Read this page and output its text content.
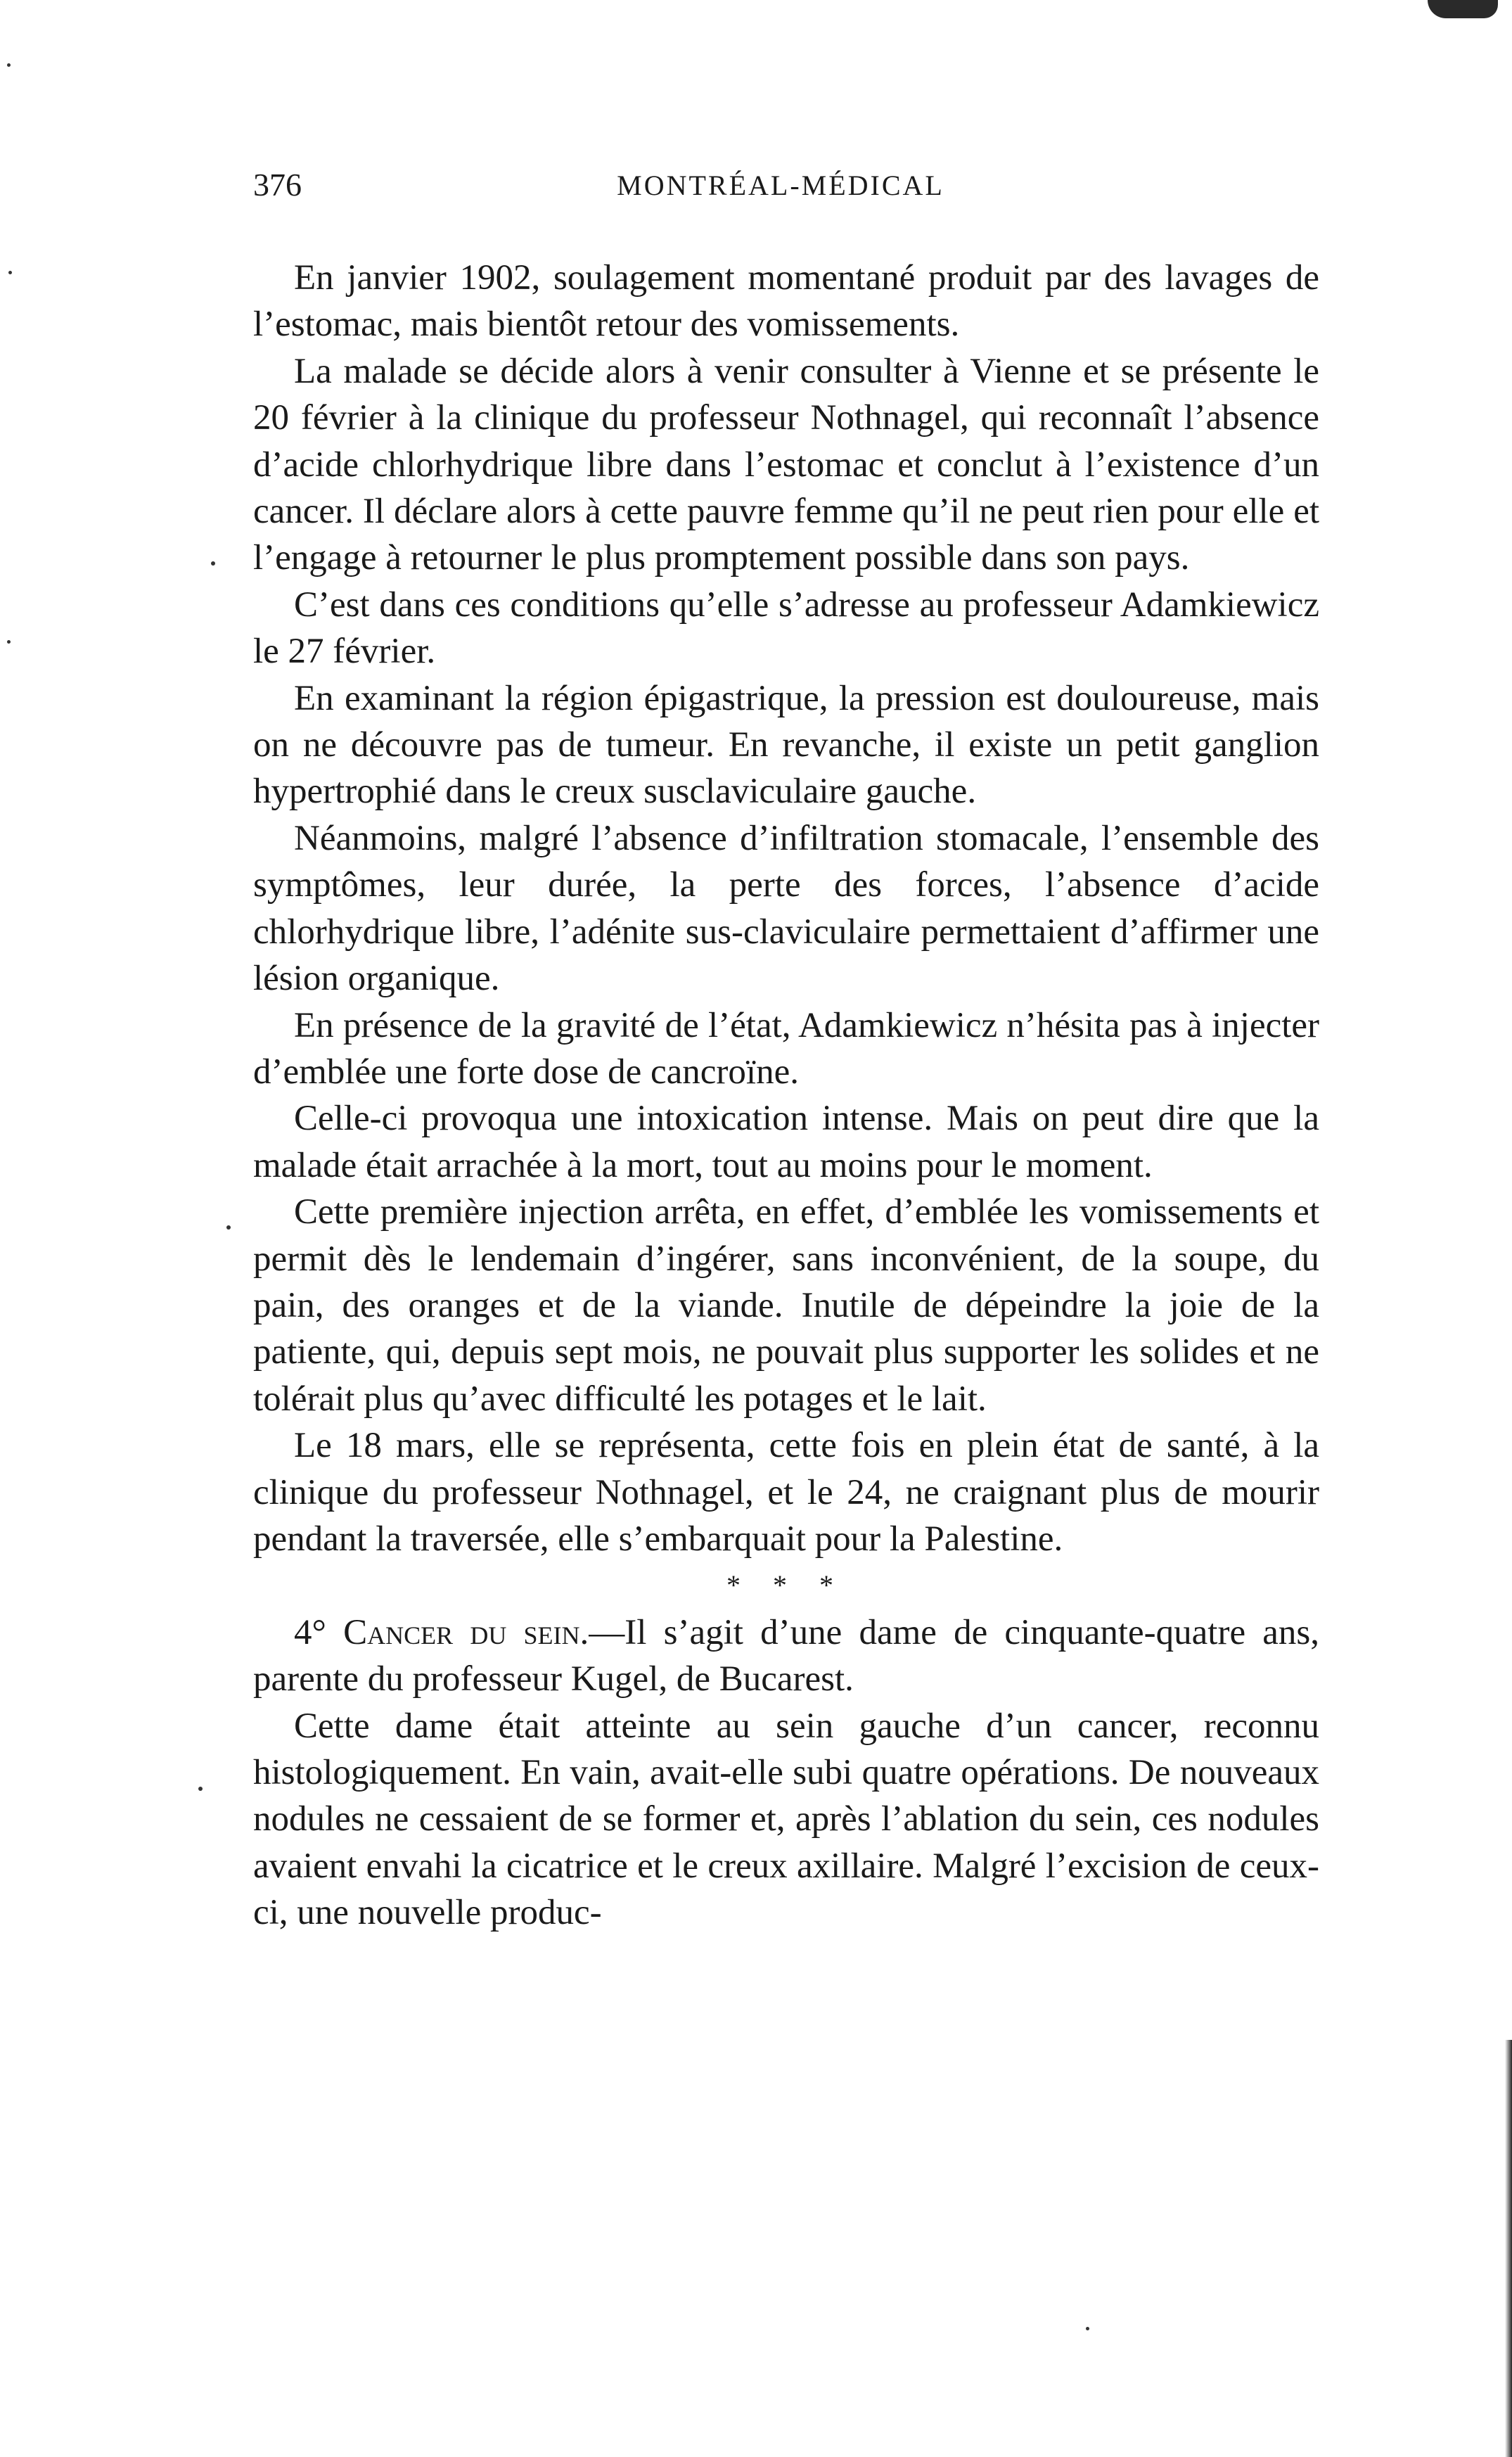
376	MONTRÉAL-MÉDICAL

En janvier 1902, soulagement momentané produit par des lavages de l’estomac, mais bientôt retour des vomissements.

La malade se décide alors à venir consulter à Vienne et se présente le 20 février à la clinique du professeur Nothnagel, qui reconnaît l’absence d’acide chlorhydrique libre dans l’estomac et conclut à l’existence d’un cancer. Il déclare alors à cette pauvre femme qu’il ne peut rien pour elle et l’engage à retourner le plus promptement possible dans son pays.

C’est dans ces conditions qu’elle s’adresse au professeur Adamkiewicz le 27 février.

En examinant la région épigastrique, la pression est douloureuse, mais on ne découvre pas de tumeur. En revanche, il existe un petit ganglion hypertrophié dans le creux susclaviculaire gauche.

Néanmoins, malgré l’absence d’infiltration stomacale, l’ensemble des symptômes, leur durée, la perte des forces, l’absence d’acide chlorhydrique libre, l’adénite sus-claviculaire permettaient d’affirmer une lésion organique.

En présence de la gravité de l’état, Adamkiewicz n’hésita pas à injecter d’emblée une forte dose de cancroïne.

Celle-ci provoqua une intoxication intense. Mais on peut dire que la malade était arrachée à la mort, tout au moins pour le moment.

Cette première injection arrêta, en effet, d’emblée les vomissements et permit dès le lendemain d’ingérer, sans inconvénient, de la soupe, du pain, des oranges et de la viande. Inutile de dépeindre la joie de la patiente, qui, depuis sept mois, ne pouvait plus supporter les solides et ne tolérait plus qu’avec difficulté les potages et le lait.

Le 18 mars, elle se représenta, cette fois en plein état de santé, à la clinique du professeur Nothnagel, et le 24, ne craignant plus de mourir pendant la traversée, elle s’embarquait pour la Palestine.

* * *

4° Cancer du sein.—Il s’agit d’une dame de cinquante-quatre ans, parente du professeur Kugel, de Bucarest.

Cette dame était atteinte au sein gauche d’un cancer, reconnu histologiquement. En vain, avait-elle subi quatre opérations. De nouveaux nodules ne cessaient de se former et, après l’ablation du sein, ces nodules avaient envahi la cicatrice et le creux axillaire. Malgré l’excision de ceux-ci, une nouvelle produc-
